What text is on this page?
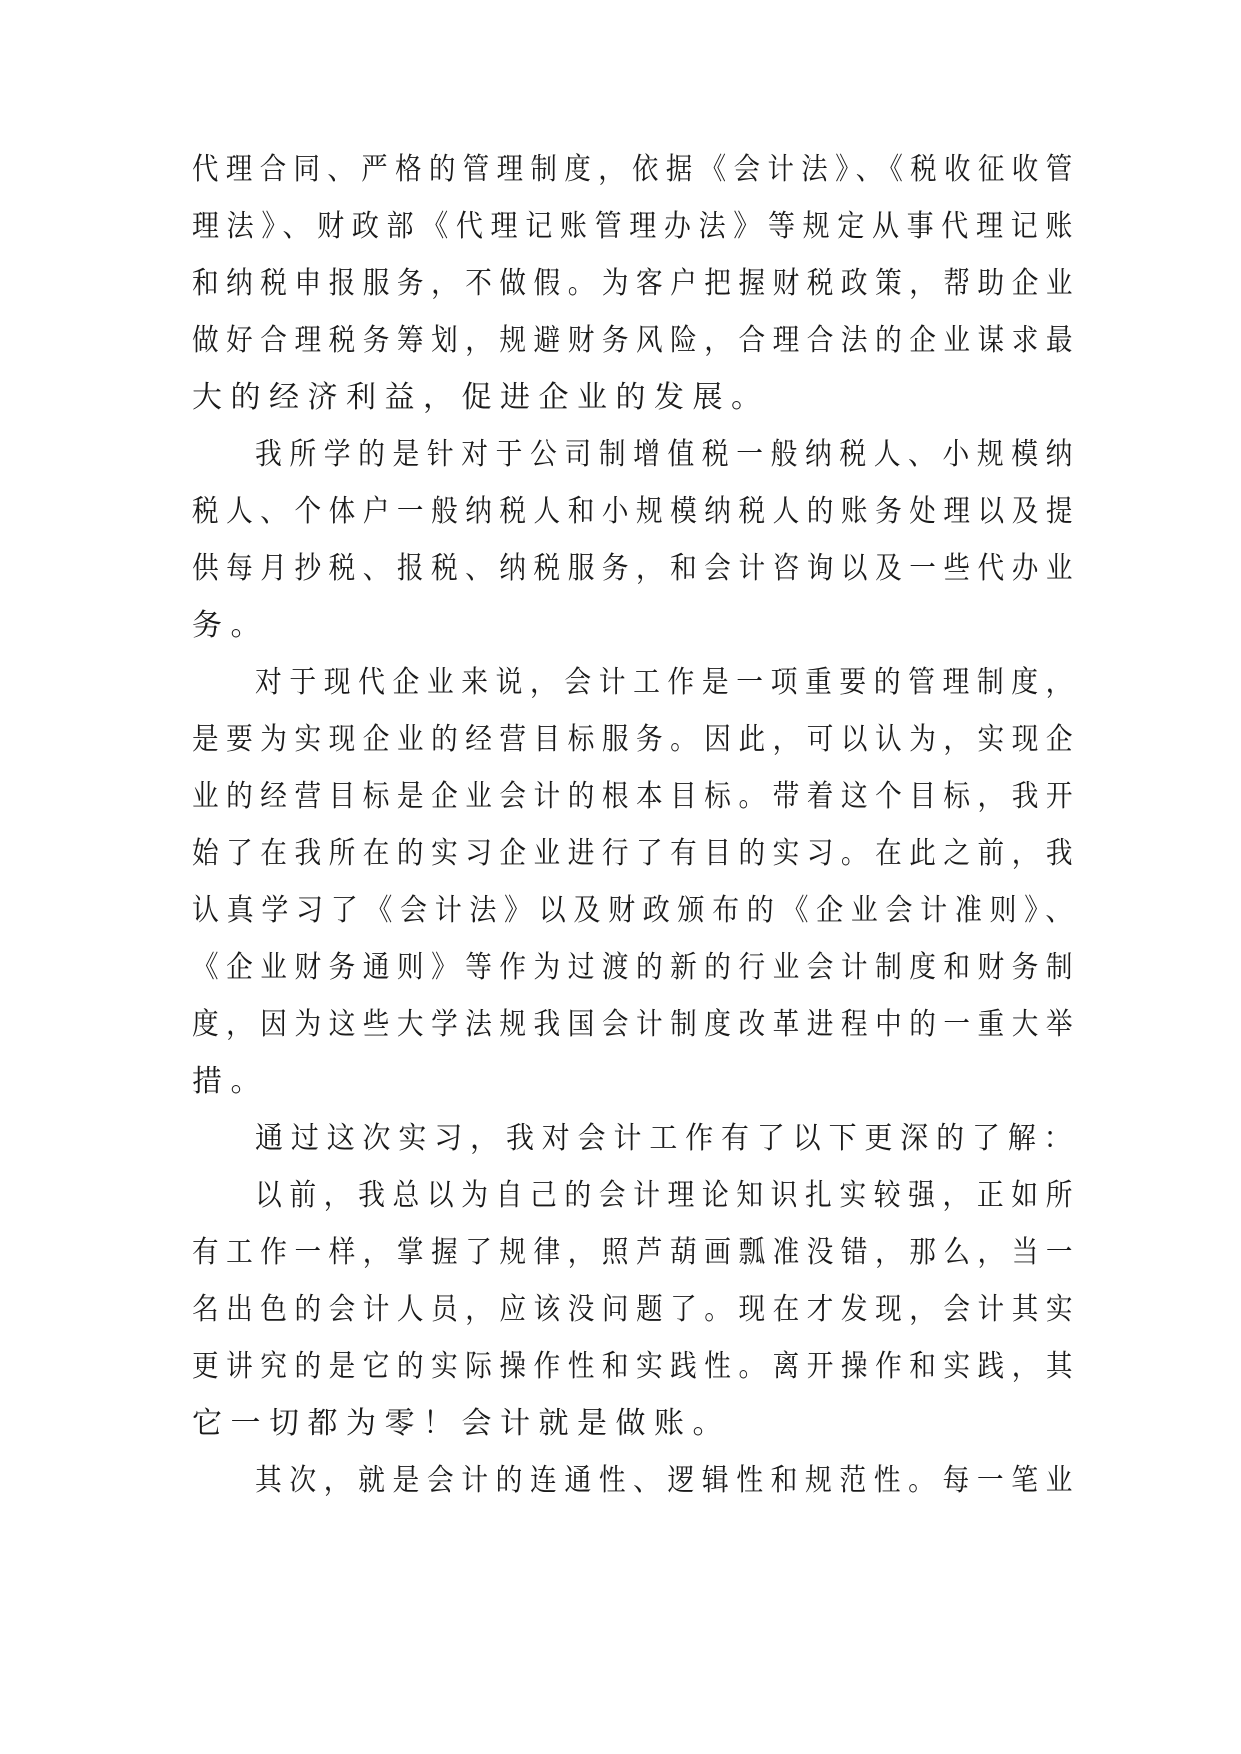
代理合同、严格的管理制度，依据《会计法》、《税收征收管
理法》、财政部《代理记账管理办法》等规定从事代理记账
和纳税申报服务，不做假。为客户把握财税政策，帮助企业
做好合理税务筹划，规避财务风险，合理合法的企业谋求最
大的经济利益，促进企业的发展。
我所学的是针对于公司制增值税一般纳税人、小规模纳
税人、个体户一般纳税人和小规模纳税人的账务处理以及提
供每月抄税、报税、纳税服务，和会计咨询以及一些代办业
务。
对于现代企业来说，会计工作是一项重要的管理制度，
是要为实现企业的经营目标服务。因此，可以认为，实现企
业的经营目标是企业会计的根本目标。带着这个目标，我开
始了在我所在的实习企业进行了有目的实习。在此之前，我
认真学习了《会计法》以及财政颁布的《企业会计准则》、
《企业财务通则》等作为过渡的新的行业会计制度和财务制
度，因为这些大学法规我国会计制度改革进程中的一重大举
措。
通过这次实习，我对会计工作有了以下更深的了解：
以前，我总以为自己的会计理论知识扎实较强，正如所
有工作一样，掌握了规律，照芦葫画瓢准没错，那么，当一
名出色的会计人员，应该没问题了。现在才发现，会计其实
更讲究的是它的实际操作性和实践性。离开操作和实践，其
它一切都为零！会计就是做账。
其次，就是会计的连通性、逻辑性和规范性。每一笔业
